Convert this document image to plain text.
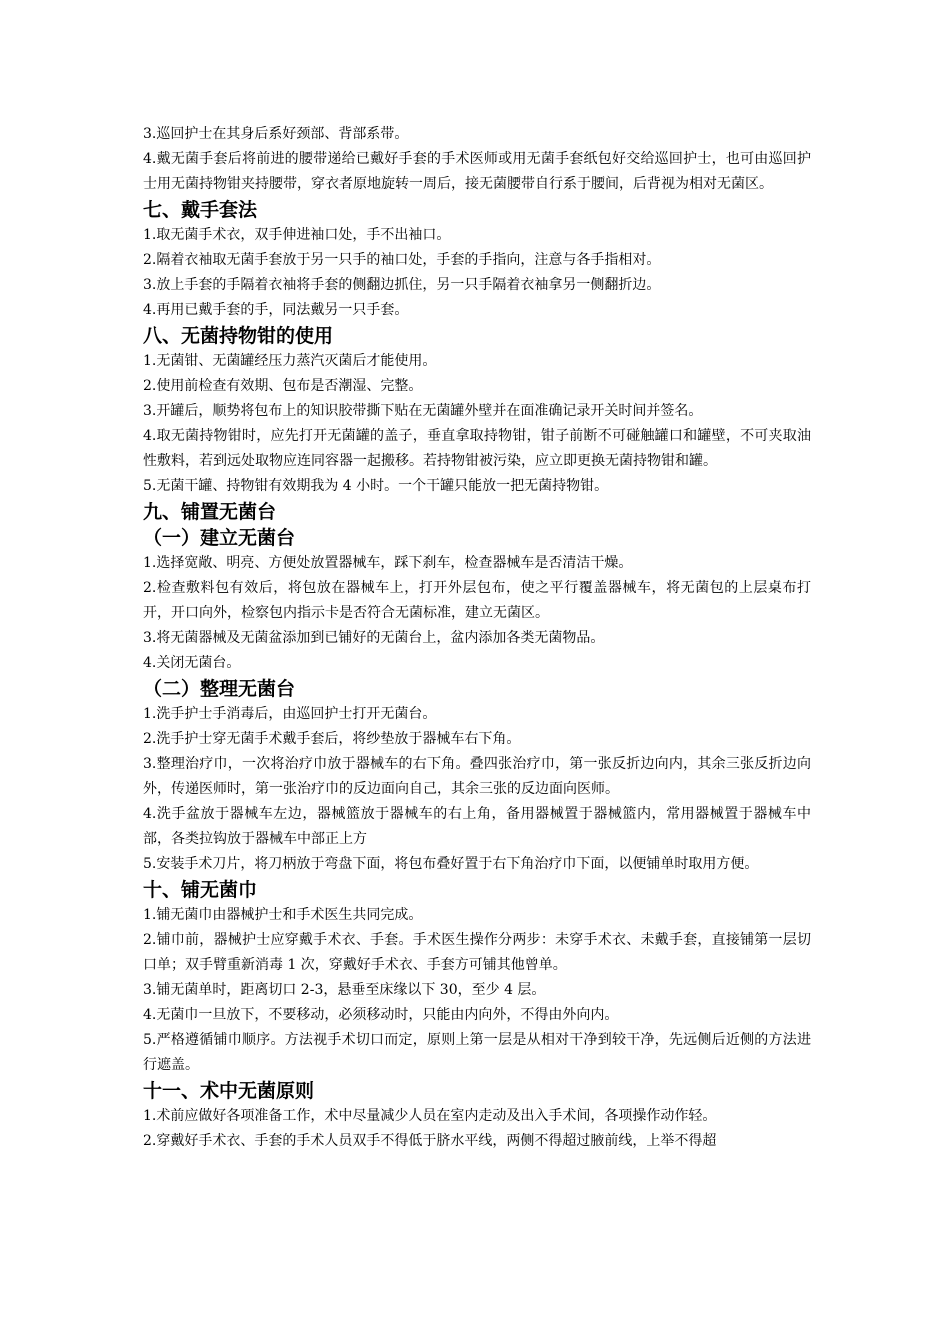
3.巡回护士在其身后系好颈部、背部系带。

4.戴无菌手套后将前进的腰带递给已戴好手套的手术医师或用无菌手套纸包好交给巡回护士，也可由巡回护士用无菌持物钳夹持腰带，穿衣者原地旋转一周后，接无菌腰带自行系于腰间，后背视为相对无菌区。

七、戴手套法

1.取无菌手术衣，双手伸进袖口处，手不出袖口。

2.隔着衣袖取无菌手套放于另一只手的袖口处，手套的手指向，注意与各手指相对。

3.放上手套的手隔着衣袖将手套的侧翻边抓住，另一只手隔着衣袖拿另一侧翻折边。

4.再用已戴手套的手，同法戴另一只手套。

八、无菌持物钳的使用

1.无菌钳、无菌罐经压力蒸汽灭菌后才能使用。

2.使用前检查有效期、包布是否潮湿、完整。

3.开罐后，顺势将包布上的知识胶带撕下贴在无菌罐外壁并在面准确记录开关时间并签名。

4.取无菌持物钳时，应先打开无菌罐的盖子，垂直拿取持物钳，钳子前断不可碰触罐口和罐壁，不可夹取油性敷料，若到远处取物应连同容器一起搬移。若持物钳被污染，应立即更换无菌持物钳和罐。

5.无菌干罐、持物钳有效期我为 4 小时。一个干罐只能放一把无菌持物钳。

九、铺置无菌台
（一）建立无菌台

1.选择宽敞、明亮、方便处放置器械车，踩下刹车，检查器械车是否清洁干燥。

2.检查敷料包有效后，将包放在器械车上，打开外层包布，使之平行覆盖器械车，将无菌包的上层桌布打开，开口向外，检察包内指示卡是否符合无菌标准，建立无菌区。

3.将无菌器械及无菌盆添加到已铺好的无菌台上，盆内添加各类无菌物品。

4.关闭无菌台。

（二）整理无菌台

1.洗手护士手消毒后，由巡回护士打开无菌台。

2.洗手护士穿无菌手术戴手套后，将纱垫放于器械车右下角。

3.整理治疗巾，一次将治疗巾放于器械车的右下角。叠四张治疗巾，第一张反折边向内，其余三张反折边向外，传递医师时，第一张治疗巾的反边面向自己，其余三张的反边面向医师。

4.洗手盆放于器械车左边，器械篮放于器械车的右上角，备用器械置于器械篮内，常用器械置于器械车中部，各类拉钩放于器械车中部正上方

5.安装手术刀片，将刀柄放于弯盘下面，将包布叠好置于右下角治疗巾下面，以便铺单时取用方便。

十、铺无菌巾

1.铺无菌巾由器械护士和手术医生共同完成。

2.铺巾前，器械护士应穿戴手术衣、手套。手术医生操作分两步：未穿手术衣、未戴手套，直接铺第一层切口单；双手臂重新消毒 1 次，穿戴好手术衣、手套方可铺其他曾单。

3.铺无菌单时，距离切口 2-3，悬垂至床缘以下 30，至少 4 层。

4.无菌巾一旦放下，不要移动，必须移动时，只能由内向外，不得由外向内。

5.严格遵循铺巾顺序。方法视手术切口而定，原则上第一层是从相对干净到较干净，先远侧后近侧的方法进行遮盖。

十一、术中无菌原则

1.术前应做好各项准备工作，术中尽量减少人员在室内走动及出入手术间，各项操作动作轻。

2.穿戴好手术衣、手套的手术人员双手不得低于脐水平线，两侧不得超过腋前线，上举不得超
